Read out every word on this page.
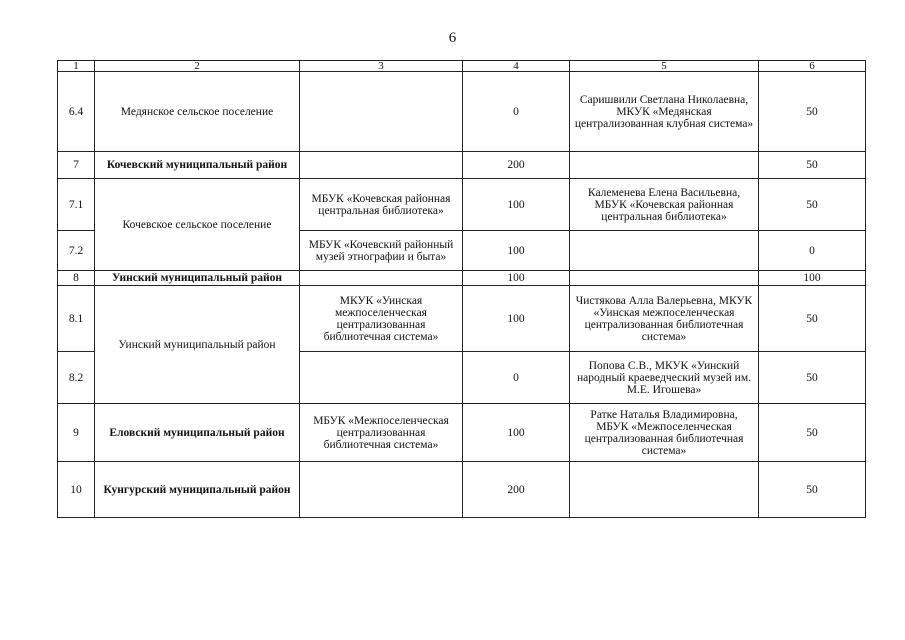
6
1	2	3	4	5	6
6.4	Медянское сельское поселение		0	Саришвили Светлана Николаевна, МКУК «Медянская централизованная клубная система»	50
7	Кочевский муниципальный район		200		50
7.1	Кочевское сельское поселение	МБУК «Кочевская районная центральная библиотека»	100	Калеменева Елена Васильевна, МБУК «Кочевская районная центральная библиотека»	50
7.2		МБУК «Кочевский районный музей этнографии и быта»	100		0
8	Уинский муниципальный район		100		100
8.1	Уинский муниципальный район	МКУК «Уинская межпоселенческая централизованная библиотечная система»	100	Чистякова Алла Валерьевна, МКУК «Уинская межпоселенческая централизованная библиотечная система»	50
8.2			0	Попова С.В., МКУК «Уинский народный краеведческий музей им. М.Е. Игошева»	50
9	Еловский муниципальный район	МБУК «Межпоселенческая централизованная библиотечная система»	100	Ратке Наталья Владимировна, МБУК «Межпоселенческая централизованная библиотечная система»	50
10	Кунгурский муниципальный район		200		50
